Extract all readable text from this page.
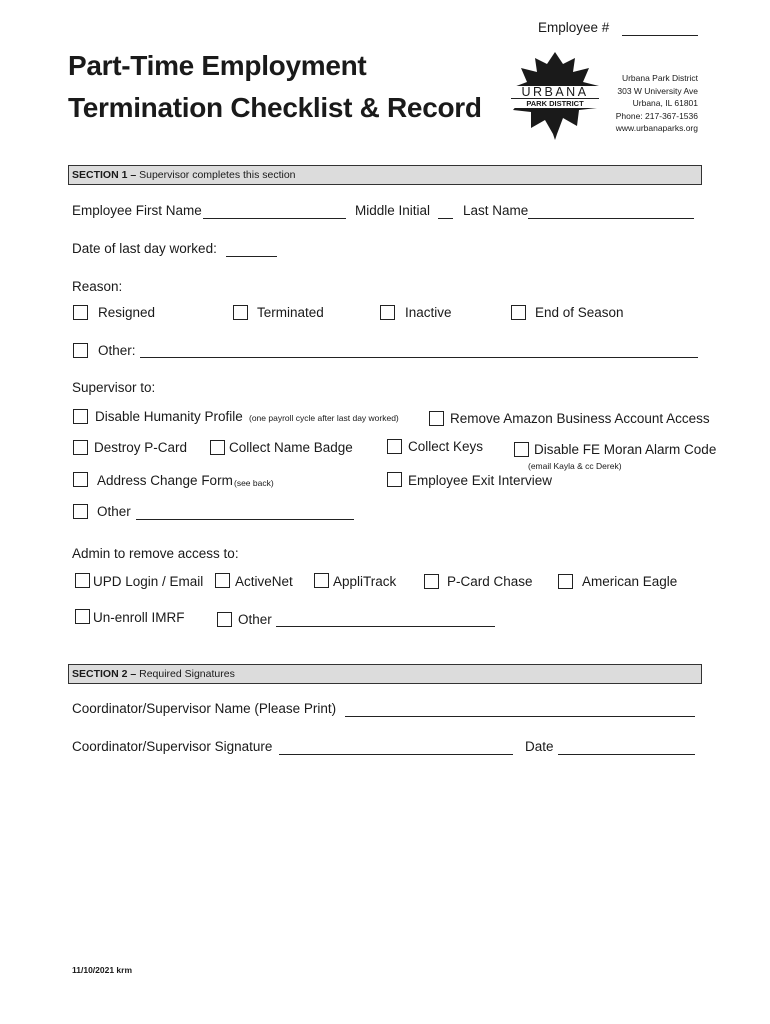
Employee #
Part-Time Employment
Termination Checklist & Record	URBANA
PARK DISTRICT
Urbana Park District
303 W University Ave
Urbana, IL 61801
Phone: 217-367-1536
www.urbanaparks.org
SECTION 1 – Supervisor completes this section
Employee First Name	Middle Initial Last Name
Date of last day worked:
Reason:
Resigned	Terminated	Inactive	End of Season
Other:
Supervisor to:
Disable Humanity Profile (one payroll cycle after last day worked)	Remove Amazon Business Account Access
Destroy P-Card	Collect Name Badge	Collect Keys	Disable FE Moran Alarm Code
(email Kayla & cc Derek)
Address Change Form (see back)	Employee Exit Interview
Other
Admin to remove access to:
UPD Login / Email ActiveNet	AppliTrack	P-Card Chase	American Eagle
Un-enroll IMRF	Other
SECTION 2 – Required Signatures
Coordinator/Supervisor Name (Please Print)
Coordinator/Supervisor Signature	Date
11/10/2021 krm
